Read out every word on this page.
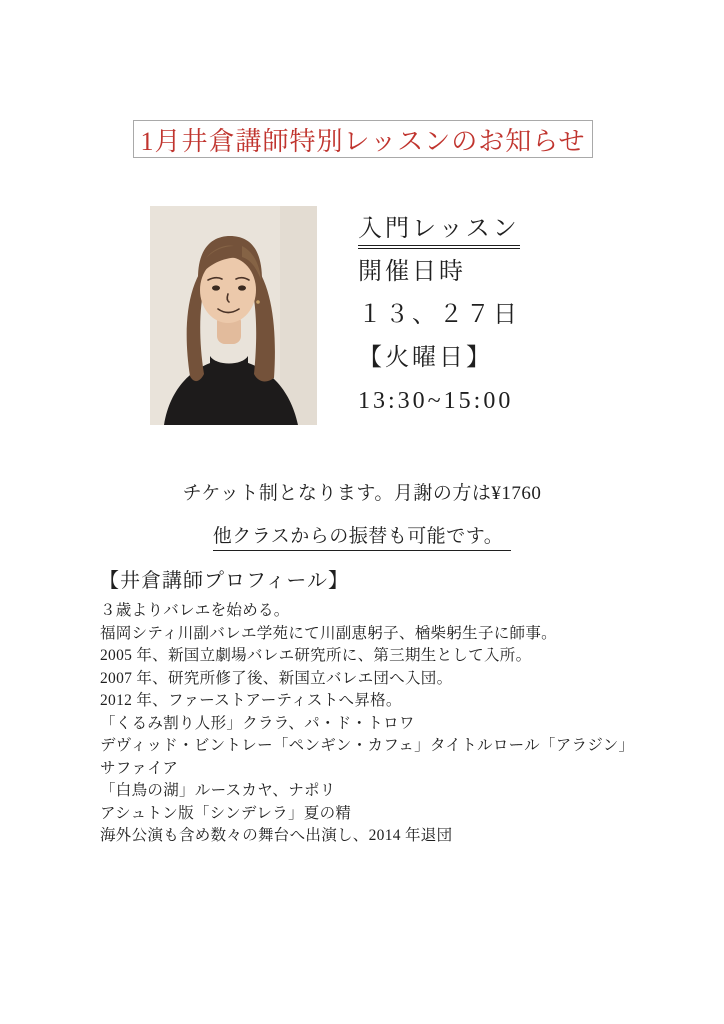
1月井倉講師特別レッスンのお知らせ
入門レッスン
開催日時
１３、２７日
【火曜日】
13:30~15:00
チケット制となります。月謝の方は¥1760
他クラスからの振替も可能です。
【井倉講師プロフィール】
３歳よりバレエを始める。
福岡シティ川副バレエ学苑にて川副恵躬子、楢柴躬生子に師事。
2005 年、新国立劇場バレエ研究所に、第三期生として入所。
2007 年、研究所修了後、新国立バレエ団へ入団。
2012 年、ファーストアーティストへ昇格。
「くるみ割り人形」クララ、パ・ド・トロワ
デヴィッド・ビントレー「ペンギン・カフェ」タイトルロール「アラジン」
サファイア
「白鳥の湖」ルースカヤ、ナポリ
アシュトン版「シンデレラ」夏の精
海外公演も含め数々の舞台へ出演し、2014 年退団
